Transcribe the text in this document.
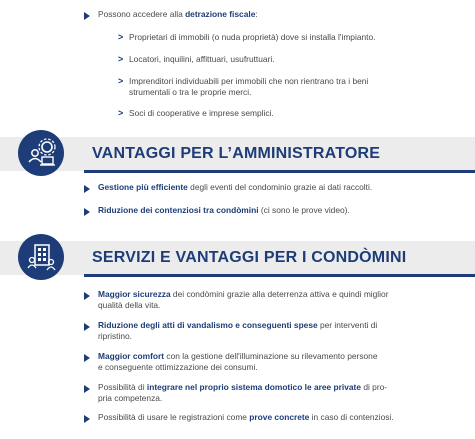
Possono accedere alla detrazione fiscale:
> Proprietari di immobili (o nuda proprietà) dove si installa l'impianto.
> Locatori, inquilini, affittuari, usufruttuari.
> Imprenditori individuabili per immobili che non rientrano tra i beni
strumentali o tra le proprie merci.
> Soci di cooperative e imprese semplici.
VANTAGGI PER L’AMMINISTRATORE
Gestione più efficiente degli eventi del condominio grazie ai dati raccolti.
Riduzione dei contenziosi tra condòmini (ci sono le prove video).
SERVIZI E VANTAGGI PER I CONDÒMINI
Maggior sicurezza dei condòmini grazie alla deterrenza attiva e quindi miglior
qualità della vita.
Riduzione degli atti di vandalismo e conseguenti spese per interventi di
ripristino.
Maggior comfort con la gestione dell'illuminazione su rilevamento persone
e conseguente ottimizzazione dei consumi.
Possibilità di integrare nel proprio sistema domotico le aree private di pro-
pria competenza.
Possibilità di usare le registrazioni come prove concrete in caso di contenziosi.
